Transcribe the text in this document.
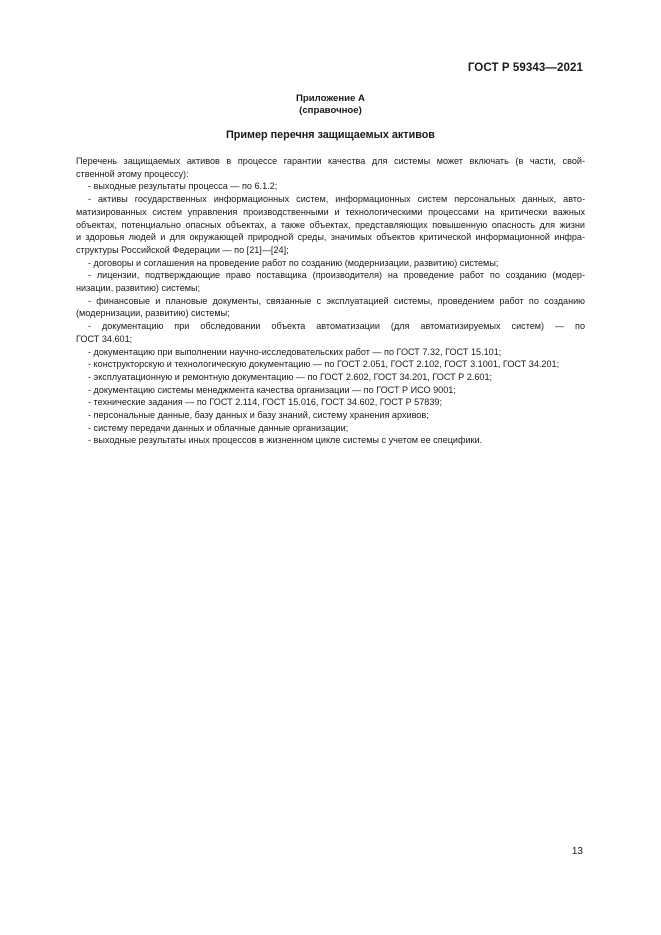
ГОСТ Р 59343—2021
Приложение А
(справочное)
Пример перечня защищаемых активов
Перечень защищаемых активов в процессе гарантии качества для системы может включать (в части, свой-
ственной этому процессу):
- выходные результаты процесса — по 6.1.2;
- активы государственных информационных систем, информационных систем персональных данных, авто-
матизированных систем управления производственными и технологическими процессами на критически важных
объектах, потенциально опасных объектах, а также объектах, представляющих повышенную опасность для жизни
и здоровья людей и для окружающей природной среды, значимых объектов критической информационной инфра-
структуры Российской Федерации — по [21]—[24];
- договоры и соглашения на проведение работ по созданию (модернизации, развитию) системы;
- лицензии, подтверждающие право поставщика (производителя) на проведение работ по созданию (модер-
низации, развитию) системы;
- финансовые и плановые документы, связанные с эксплуатацией системы, проведением работ по созданию
(модернизации, развитию) системы;
- документацию при обследовании объекта автоматизации (для автоматизируемых систем) — по
ГОСТ 34.601;
- документацию при выполнении научно-исследовательских работ — по ГОСТ 7.32, ГОСТ 15.101;
- конструкторскую и технологическую документацию — по ГОСТ 2.051, ГОСТ 2.102, ГОСТ 3.1001, ГОСТ 34.201;
- эксплуатационную и ремонтную документацию — по ГОСТ 2.602, ГОСТ 34.201, ГОСТ Р 2.601;
- документацию системы менеджмента качества организации — по ГОСТ Р ИСО 9001;
- технические задания — по ГОСТ 2.114, ГОСТ 15.016, ГОСТ 34.602, ГОСТ Р 57839;
- персональные данные, базу данных и базу знаний, систему хранения архивов;
- систему передачи данных и облачные данные организации;
- выходные результаты иных процессов в жизненном цикле системы с учетом ее специфики.
13
